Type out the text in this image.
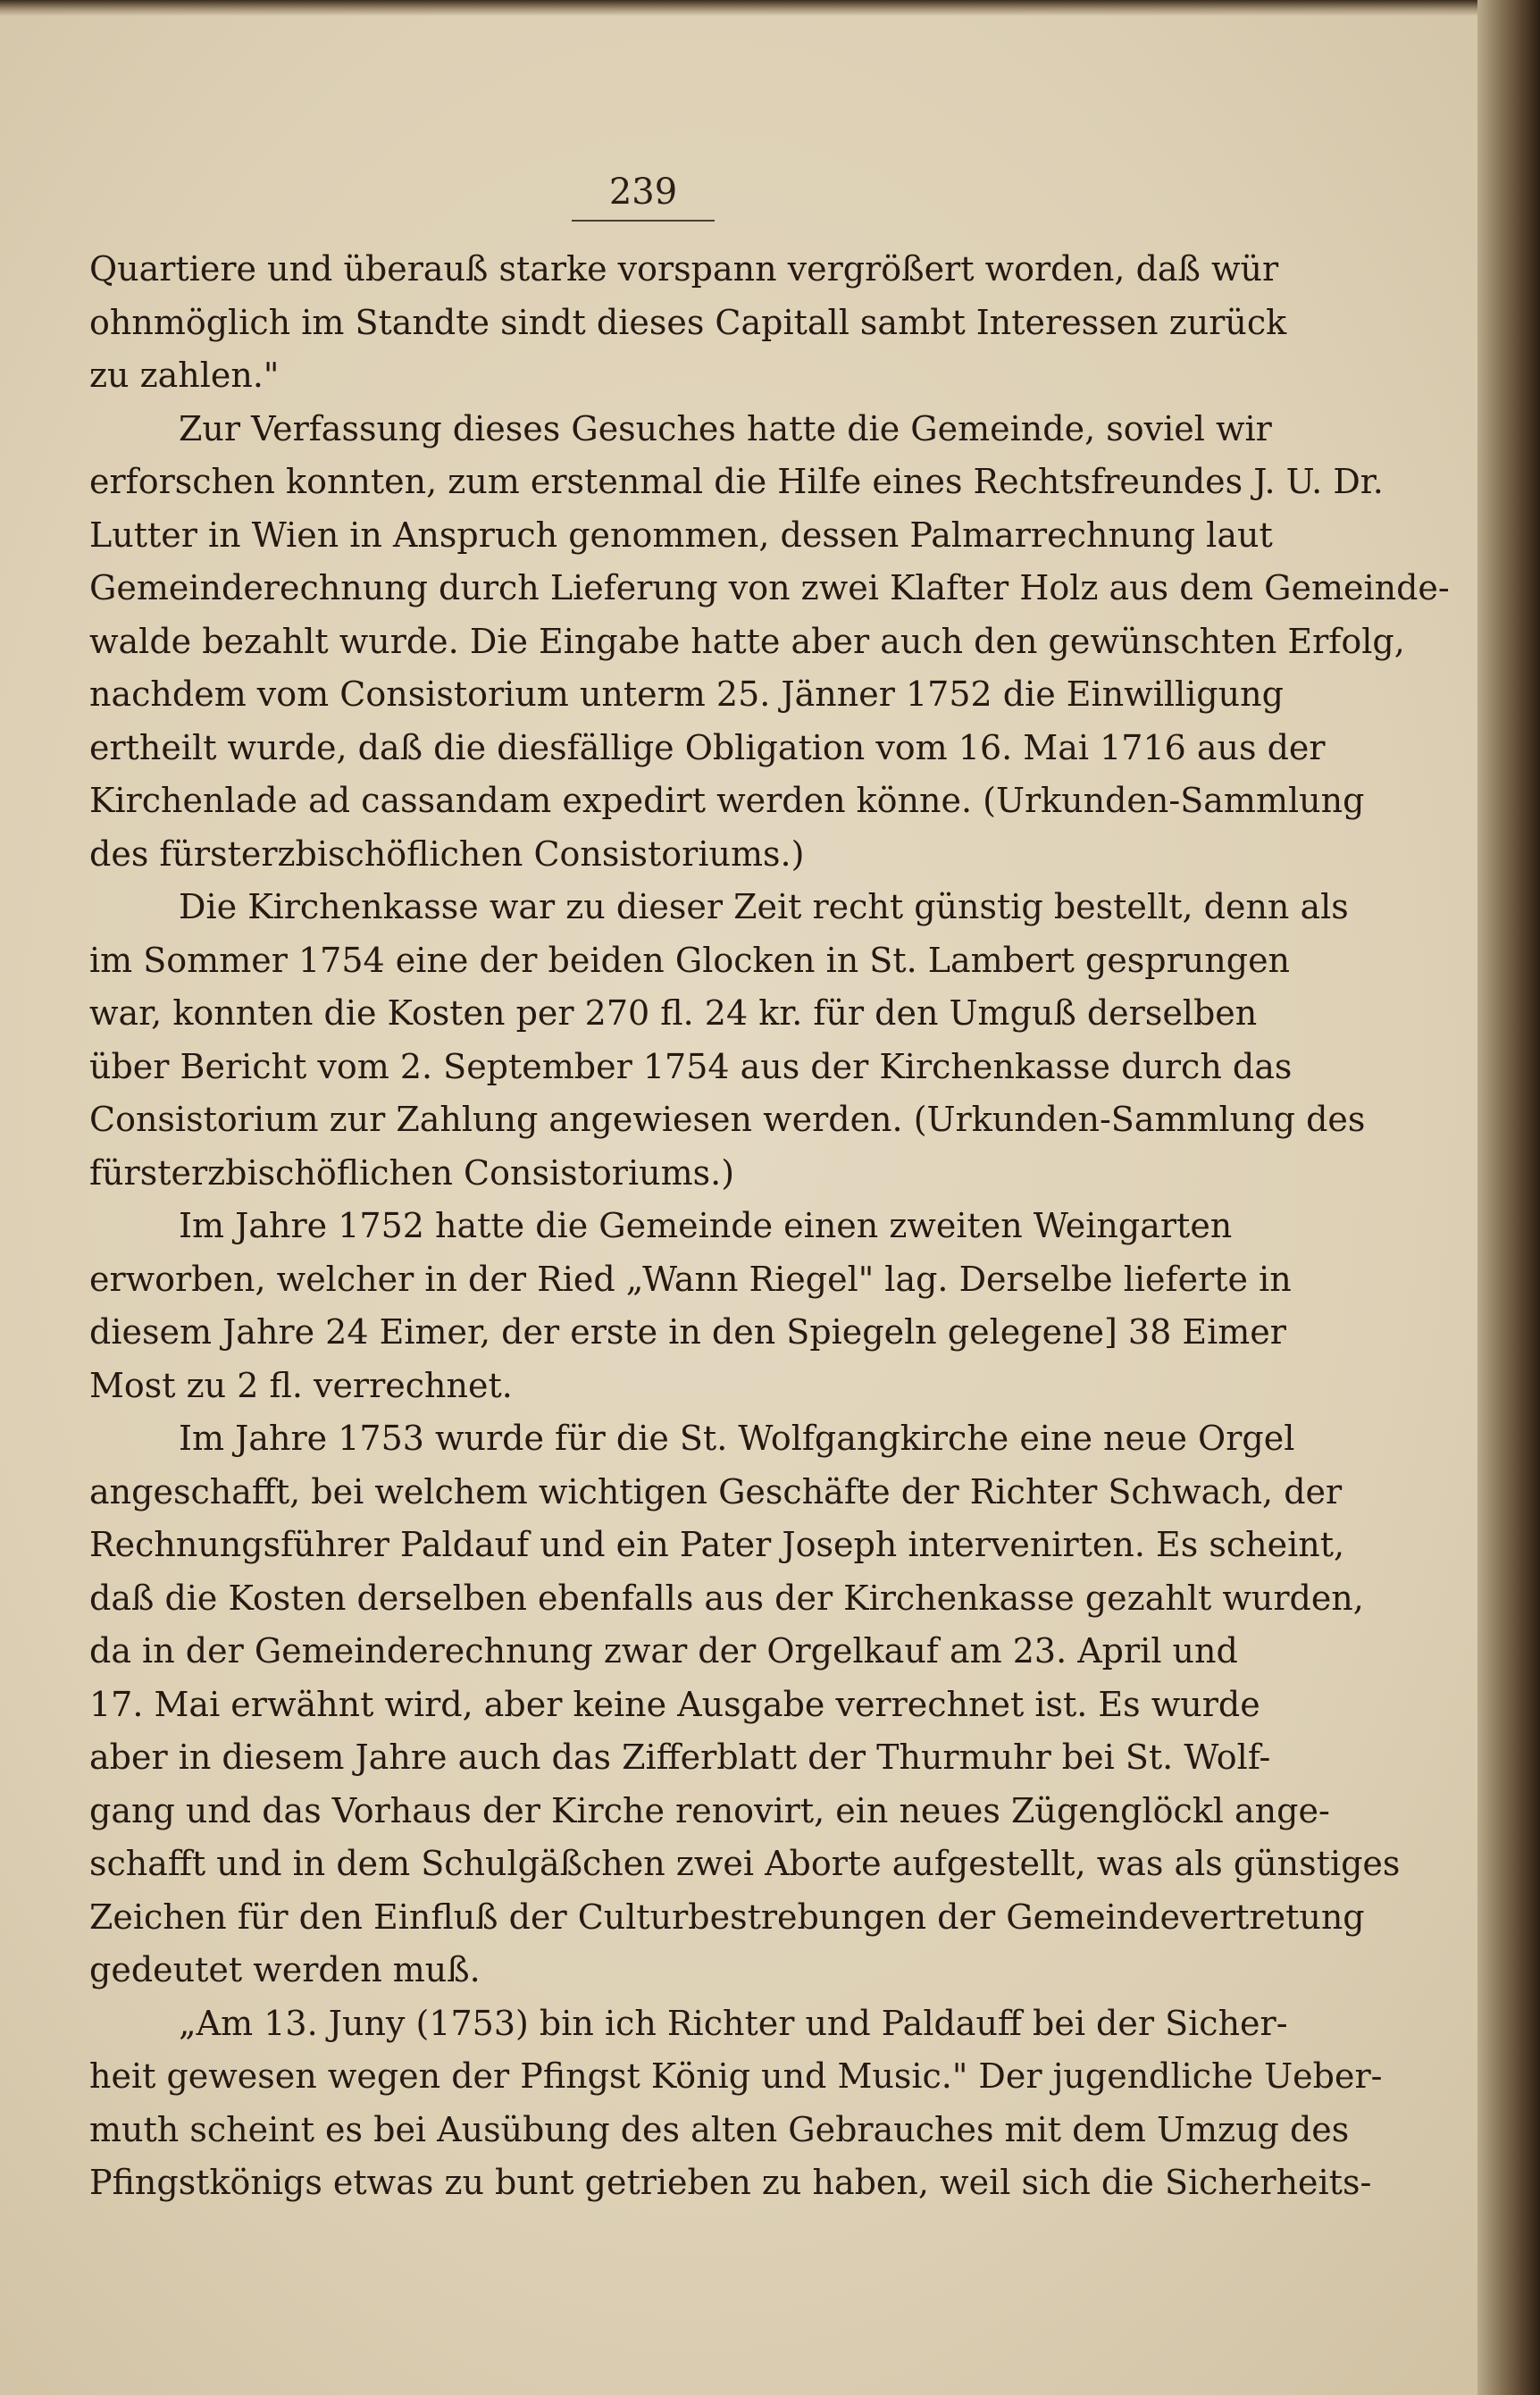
239

Quartiere und überauß starke vorspann vergrößert worden, daß wür

ohnmöglich im Standte sindt dieses Capitall sambt Interessen zurück

zu zahlen."

Zur Verfassung dieses Gesuches hatte die Gemeinde, soviel wir

erforschen konnten, zum erstenmal die Hilfe eines Rechtsfreundes J. U. Dr.

Lutter in Wien in Anspruch genommen, dessen Palmarrechnung laut

Gemeinderechnung durch Lieferung von zwei Klafter Holz aus dem Gemeinde-

walde bezahlt wurde. Die Eingabe hatte aber auch den gewünschten Erfolg,

nachdem vom Consistorium unterm 25. Jänner 1752 die Einwilligung

ertheilt wurde, daß die diesfällige Obligation vom 16. Mai 1716 aus der

Kirchenlade ad cassandam expedirt werden könne. (Urkunden-Sammlung

des fürsterzbischöflichen Consistoriums.)

Die Kirchenkasse war zu dieser Zeit recht günstig bestellt, denn als

im Sommer 1754 eine der beiden Glocken in St. Lambert gesprungen

war, konnten die Kosten per 270 fl. 24 kr. für den Umguß derselben

über Bericht vom 2. September 1754 aus der Kirchenkasse durch das

Consistorium zur Zahlung angewiesen werden. (Urkunden-Sammlung des

fürsterzbischöflichen Consistoriums.)

Im Jahre 1752 hatte die Gemeinde einen zweiten Weingarten

erworben, welcher in der Ried „Wann Riegel" lag. Derselbe lieferte in

diesem Jahre 24 Eimer, der erste in den Spiegeln gelegene] 38 Eimer

Most zu 2 fl. verrechnet.

Im Jahre 1753 wurde für die St. Wolfgangkirche eine neue Orgel

angeschafft, bei welchem wichtigen Geschäfte der Richter Schwach, der

Rechnungsführer Paldauf und ein Pater Joseph intervenirten. Es scheint,

daß die Kosten derselben ebenfalls aus der Kirchenkasse gezahlt wurden,

da in der Gemeinderechnung zwar der Orgelkauf am 23. April und

17. Mai erwähnt wird, aber keine Ausgabe verrechnet ist. Es wurde

aber in diesem Jahre auch das Zifferblatt der Thurmuhr bei St. Wolf-

gang und das Vorhaus der Kirche renovirt, ein neues Zügenglöckl ange-

schafft und in dem Schulgäßchen zwei Aborte aufgestellt, was als günstiges

Zeichen für den Einfluß der Culturbestrebungen der Gemeindevertretung

gedeutet werden muß.

„Am 13. Juny (1753) bin ich Richter und Paldauff bei der Sicher-

heit gewesen wegen der Pfingst König und Music." Der jugendliche Ueber-

muth scheint es bei Ausübung des alten Gebrauches mit dem Umzug des

Pfingstkönigs etwas zu bunt getrieben zu haben, weil sich die Sicherheits-
